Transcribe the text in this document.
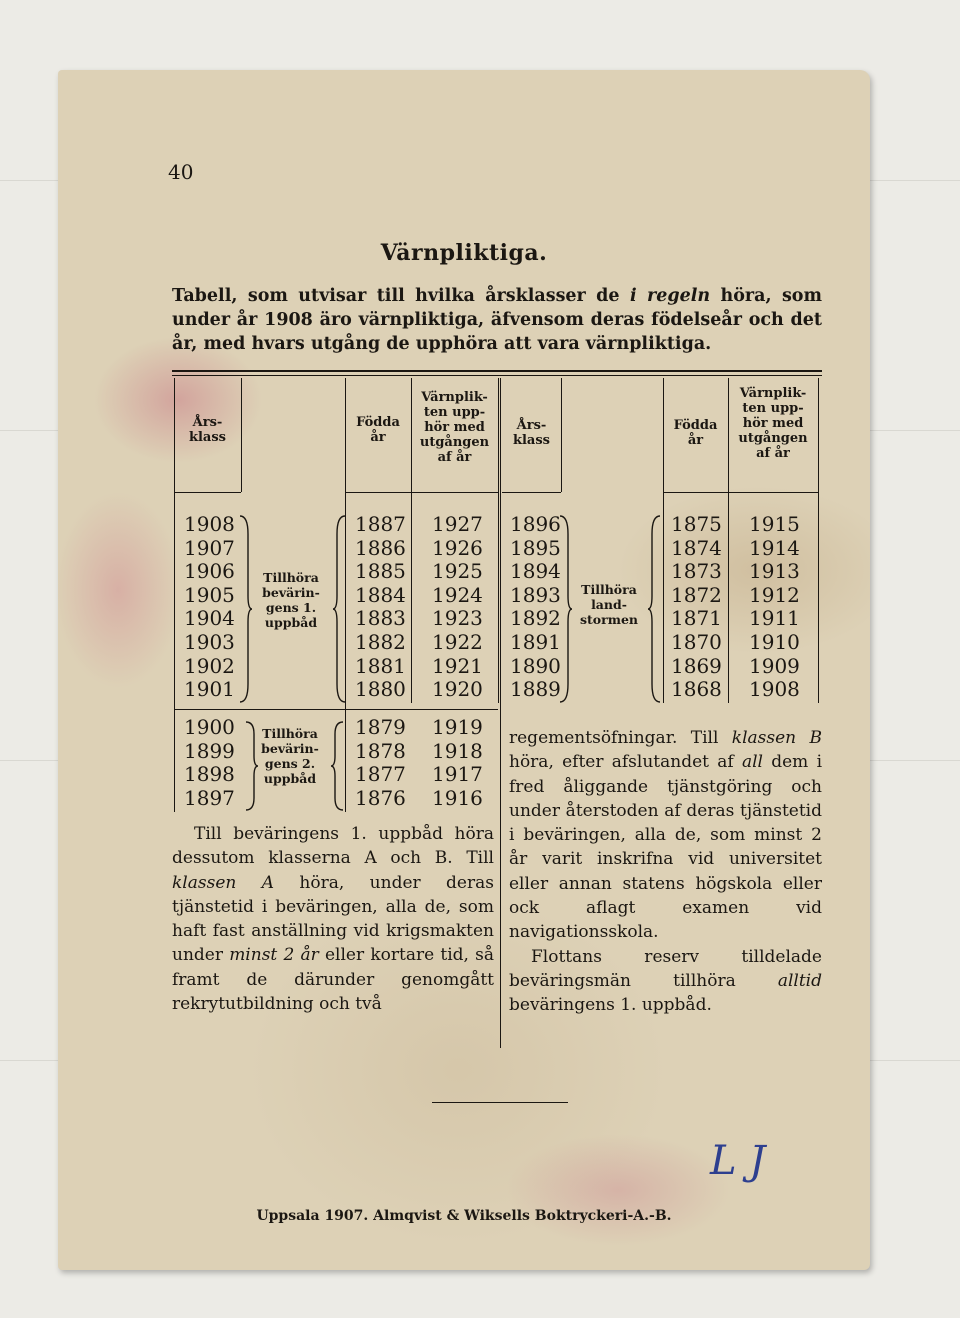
40
Värnpliktiga.
Tabell, som utvisar till hvilka årsklasser de i regeln höra, som under år 1908 äro värnpliktiga, äfvensom deras födelseår och det år, med hvars utgång de upphöra att vara värnpliktiga.
Års-
klass
Födda
år
Värnplik-
ten upp-
hör med
utgången
af år
Års-
klass
Födda
år
Värnplik-
ten upp-
hör med
utgången
af år
1908
1907
1906
1905
1904
1903
1902
1901
Tillhöra
bevärin-
gens 1.
uppbåd
1887
1886
1885
1884
1883
1882
1881
1880
1927
1926
1925
1924
1923
1922
1921
1920
1900
1899
1898
1897
Tillhöra
bevärin-
gens 2.
uppbåd
1879
1878
1877
1876
1919
1918
1917
1916
1896
1895
1894
1893
1892
1891
1890
1889
Tillhöra
land-
stormen
1875
1874
1873
1872
1871
1870
1869
1868
1915
1914
1913
1912
1911
1910
1909
1908

Till beväringens 1. uppbåd höra dessutom klasserna A och B. Till klassen A höra, under deras tjänstetid i beväringen, alla de, som haft fast anställning vid krigsmakten under minst 2 år eller kortare tid, så framt de därunder genomgått rekrytutbildning och två

regementsöfningar. Till klassen B höra, efter afslutandet af all dem i fred åliggande tjänstgöring och under återstoden af deras tjänstetid i beväringen, alla de, som minst 2 år varit inskrifna vid universitet eller annan statens högskola eller ock aflagt examen vid navigationsskola.

Flottans reserv tilldelade beväringsmän tillhöra alltid beväringens 1. uppbåd.

L J
Uppsala 1907. Almqvist & Wiksells Boktryckeri-A.-B.
